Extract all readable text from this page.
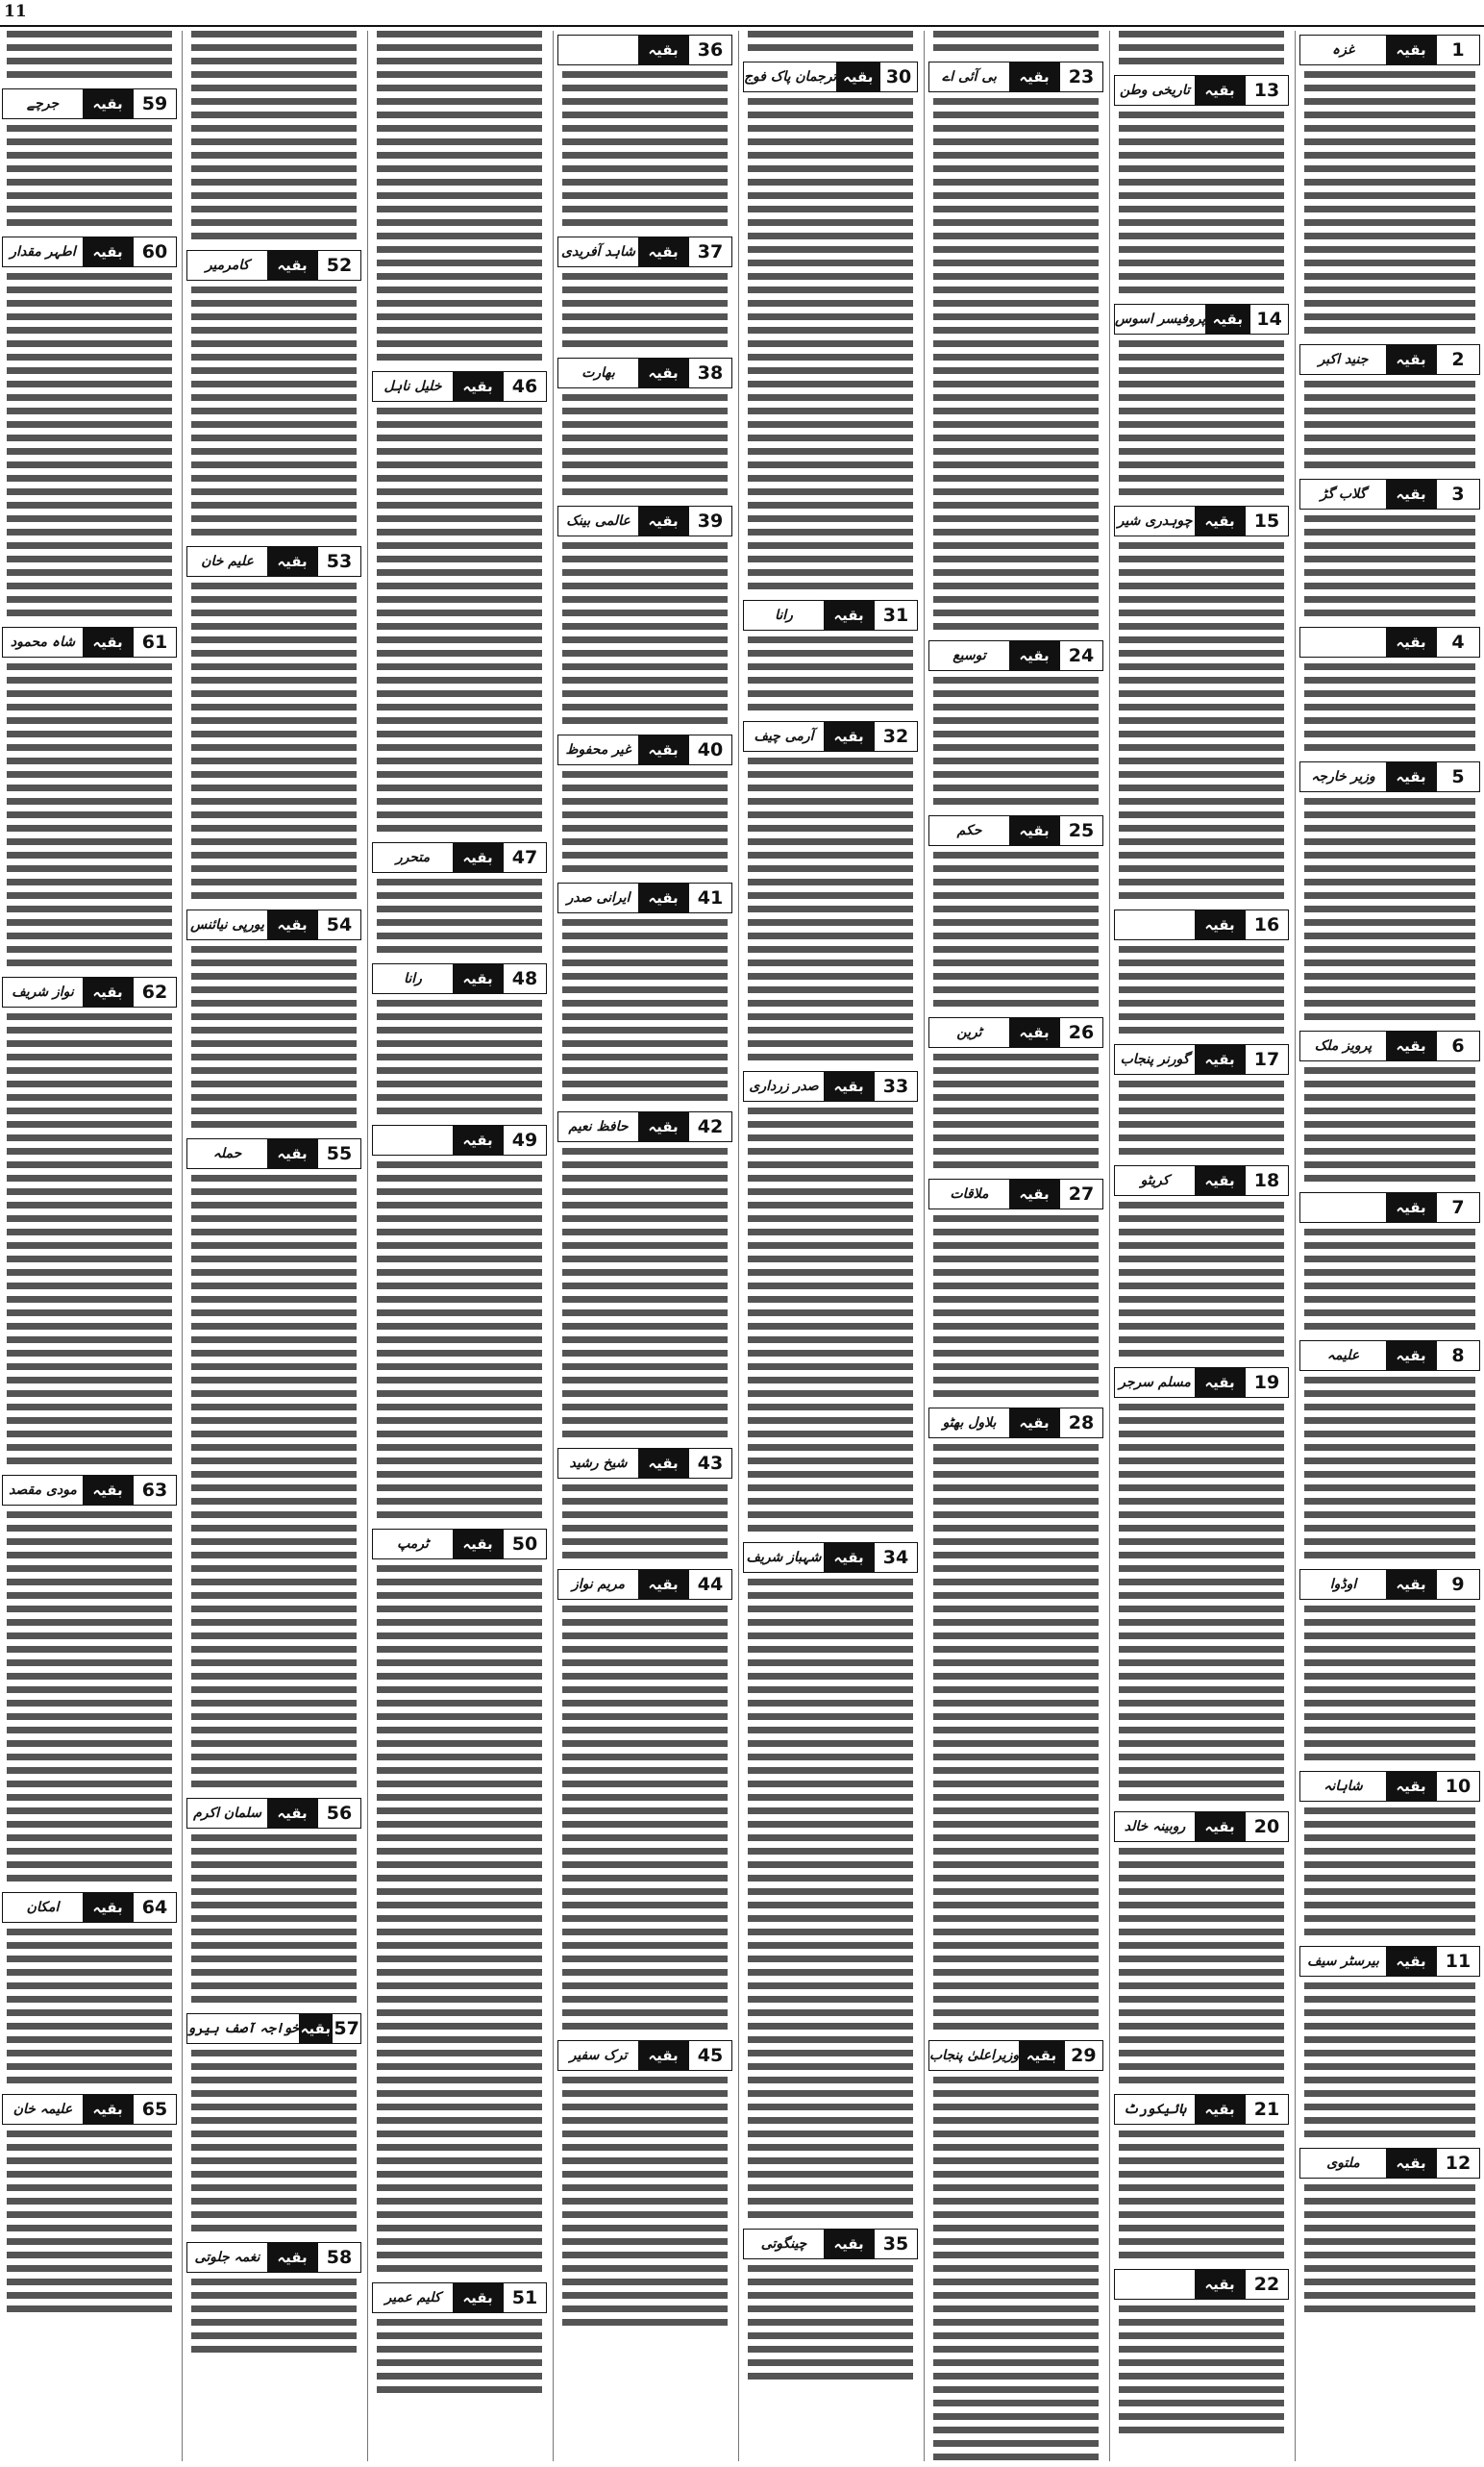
11
59
بقیہ
جرچے
60
بقیہ
اطہر مقدار
61
بقیہ
شاہ محمود
62
بقیہ
نواز شریف
63
بقیہ
مودی مقصد
64
بقیہ
امکان
65
بقیہ
علیمہ خان
52
بقیہ
کامرمیر
53
بقیہ
علیم خان
54
بقیہ
یورپی نیائنس
55
بقیہ
حملہ
56
بقیہ
سلمان اکرم
57
بقیہ
خواجہ آصف ہیرو
58
بقیہ
نغمہ جلوتی
46
بقیہ
خلیل ناہل
47
بقیہ
متحرر
48
بقیہ
رانا
49
بقیہ
50
بقیہ
ٹرمپ
51
بقیہ
کلیم عمیر
36
بقیہ
37
بقیہ
شاہد آفریدی
38
بقیہ
بھارت
39
بقیہ
عالمی بینک
40
بقیہ
غیر محفوظ
41
بقیہ
ایرانی صدر
42
بقیہ
حافظ نعیم
43
بقیہ
شیخ رشید
44
بقیہ
مریم نواز
45
بقیہ
ترک سفیر
30
بقیہ
ترجمان پاک فوج
31
بقیہ
رانا
32
بقیہ
آرمی چیف
33
بقیہ
صدر زرداری
34
بقیہ
شہباز شریف
35
بقیہ
چینگوتی
23
بقیہ
بی آئی اے
24
بقیہ
توسیع
25
بقیہ
حکم
26
بقیہ
ٹرین
27
بقیہ
ملاقات
28
بقیہ
بلاول بھٹو
29
بقیہ
وزیراعلیٰ پنجاب
13
بقیہ
تاریخی وطن
14
بقیہ
پروفیسر اسوس
15
بقیہ
چوہدری شیر
16
بقیہ
17
بقیہ
گورنر پنجاب
18
بقیہ
کریٹو
19
بقیہ
مسلم سرجر
20
بقیہ
روبینہ خالد
21
بقیہ
ہائیکورٹ
22
بقیہ
1
بقیہ
غزہ
2
بقیہ
جنید اکبر
3
بقیہ
گلاب گڑ
4
بقیہ
5
بقیہ
وزیر خارجہ
6
بقیہ
پرویز ملک
7
بقیہ
8
بقیہ
علیمہ
9
بقیہ
اوڈوا
10
بقیہ
شاہانہ
11
بقیہ
بیرسٹر سیف
12
بقیہ
ملتوی
